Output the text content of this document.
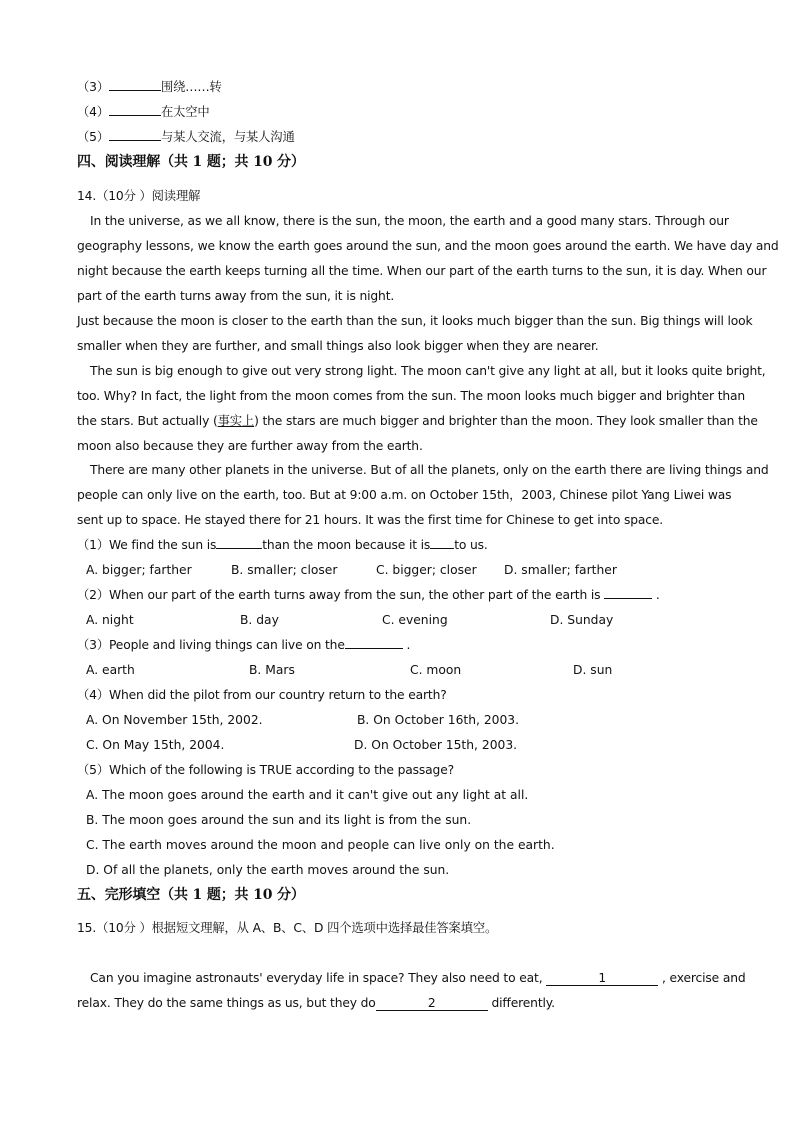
（3）	围绕……转
（4）	在太空中
（5）	与某人交流，与某人沟通
四、阅读理解（共 1 题；共 10 分）
14.（10分 ）阅读理解
In the universe, as we all know, there is the sun, the moon, the earth and a good many stars. Through our
geography lessons, we know the earth goes around the sun, and the moon goes around the earth. We have day and
night because the earth keeps turning all the time. When our part of the earth turns to the sun, it is day. When our
part of the earth turns away from the sun, it is night.
Just because the moon is closer to the earth than the sun, it looks much bigger than the sun. Big things will look
smaller when they are further, and small things also look bigger when they are nearer.
The sun is big enough to give out very strong light. The moon can't give any light at all, but it looks quite bright,
too. Why? In fact, the light from the moon comes from the sun. The moon looks much bigger and brighter than
the stars. But actually (事实上) the stars are much bigger and brighter than the moon. They look smaller than the
moon also because they are further away from the earth.
There are many other planets in the universe. But of all the planets, only on the earth there are living things and
people can only live on the earth, too. But at 9:00 a.m. on October 15th，2003, Chinese pilot Yang Liwei was
sent up to space. He stayed there for 21 hours. It was the first time for Chinese to get into space.
（1）We find the sun is	than the moon because it is to us.
A. bigger; farther	B. smaller; closer	C. bigger; closer D. smaller; farther
（2）When our part of the earth turns away from the sun, the other part of the earth is	.
A. night	B. day	C. evening	D. Sunday
（3）People and living things can live on the	.
A. earth	B. Mars	C. moon	D. sun
（4）When did the pilot from our country return to the earth?
A. On November 15th, 2002.	B. On October 16th, 2003.
C. On May 15th, 2004.	D. On October 15th, 2003.
（5）Which of the following is TRUE according to the passage?
A. The moon goes around the earth and it can't give out any light at all.
B. The moon goes around the sun and its light is from the sun.
C. The earth moves around the moon and people can live only on the earth.
D. Of all the planets, only the earth moves around the sun.
五、完形填空（共 1 题；共 10 分）
15.（10分 ）根据短文理解，从 A、B、C、D 四个选项中选择最佳答案填空。
Can you imagine astronauts' everyday life in space? They also need to eat,	1	, exercise and
relax. They do the same things as us, but they do	2	differently.
